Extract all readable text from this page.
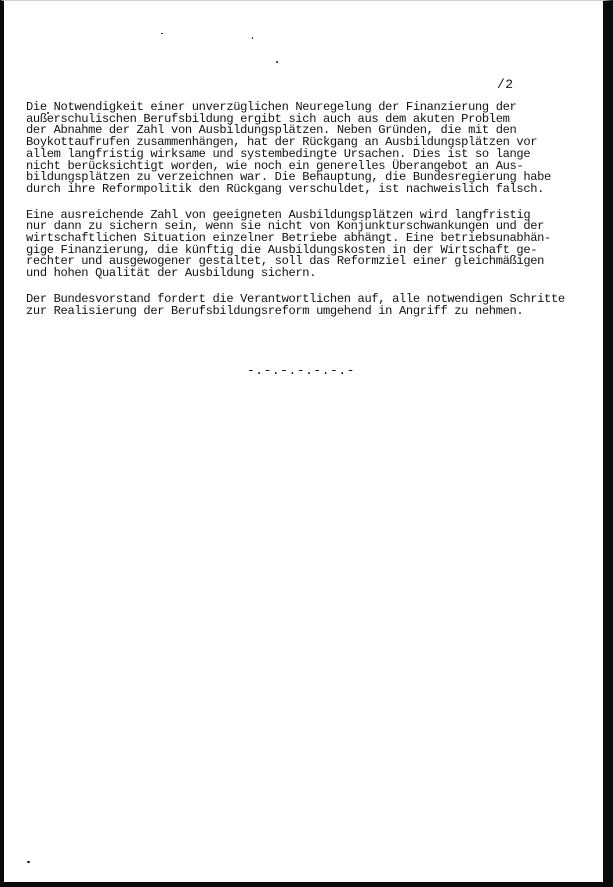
/2

Die Notwendigkeit einer unverzüglichen Neuregelung der Finanzierung der
außerschulischen Berufsbildung ergibt sich auch aus dem akuten Problem
der Abnahme der Zahl von Ausbildungsplätzen. Neben Gründen, die mit den
Boykottaufrufen zusammenhängen, hat der Rückgang an Ausbildungsplätzen vor
allem langfristig wirksame und systembedingte Ursachen. Dies ist so lange
nicht berücksichtigt worden, wie noch ein generelles Überangebot an Aus-
bildungsplätzen zu verzeichnen war. Die Behauptung, die Bundesregierung habe
durch ihre Reformpolitik den Rückgang verschuldet, ist nachweislich falsch.

Eine ausreichende Zahl von geeigneten Ausbildungsplätzen wird langfristig
nur dann zu sichern sein, wenn sie nicht von Konjunkturschwankungen und der
wirtschaftlichen Situation einzelner Betriebe abhängt. Eine betriebsunabhän-
gige Finanzierung, die künftig die Ausbildungskosten in der Wirtschaft ge-
rechter und ausgewogener gestaltet, soll das Reformziel einer gleichmäßigen
und hohen Qualität der Ausbildung sichern.

Der Bundesvorstand fordert die Verantwortlichen auf, alle notwendigen Schritte
zur Realisierung der Berufsbildungsreform umgehend in Angriff zu nehmen.

-.-.-.-.-.-.-
